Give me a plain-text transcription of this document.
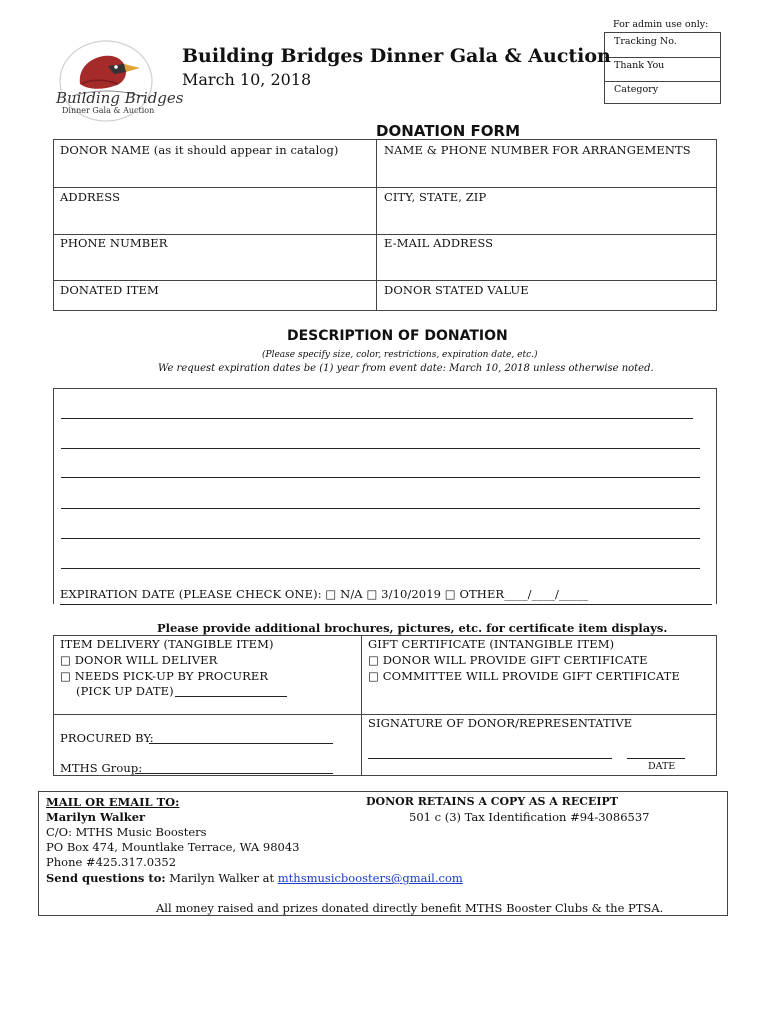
For admin use only:
Tracking No.
Thank You
Category
Building Bridges
Dinner Gala & Auction
Building Bridges Dinner Gala & Auction
March 10, 2018
DONATION FORM
DONOR NAME (as it should appear in catalog)	NAME & PHONE NUMBER FOR ARRANGEMENTS
ADDRESS	CITY, STATE, ZIP
PHONE NUMBER	E-MAIL ADDRESS
DONATED ITEM	DONOR STATED VALUE
DESCRIPTION OF DONATION
(Please specify size, color, restrictions, expiration date, etc.)
We request expiration dates be (1) year from event date: March 10, 2018 unless otherwise noted.
EXPIRATION DATE (PLEASE CHECK ONE): □ N/A □ 3/10/2019 □ OTHER____/____/_____
Please provide additional brochures, pictures, etc. for certificate item displays.
ITEM DELIVERY (TANGIBLE ITEM)
□ DONOR WILL DELIVER
□ NEEDS PICK-UP BY PROCURER
(PICK UP DATE)
GIFT CERTIFICATE (INTANGIBLE ITEM)
□ DONOR WILL PROVIDE GIFT CERTIFICATE
□ COMMITTEE WILL PROVIDE GIFT CERTIFICATE
PROCURED BY:
MTHS Group:
SIGNATURE OF DONOR/REPRESENTATIVE
DATE
MAIL OR EMAIL TO:
Marilyn Walker
C/O: MTHS Music Boosters
PO Box 474, Mountlake Terrace, WA 98043
Phone #425.317.0352
Send questions to: Marilyn Walker at mthsmusicboosters@gmail.com
DONOR RETAINS A COPY AS A RECEIPT
501 c (3) Tax Identification #94-3086537
All money raised and prizes donated directly benefit MTHS Booster Clubs & the PTSA.
